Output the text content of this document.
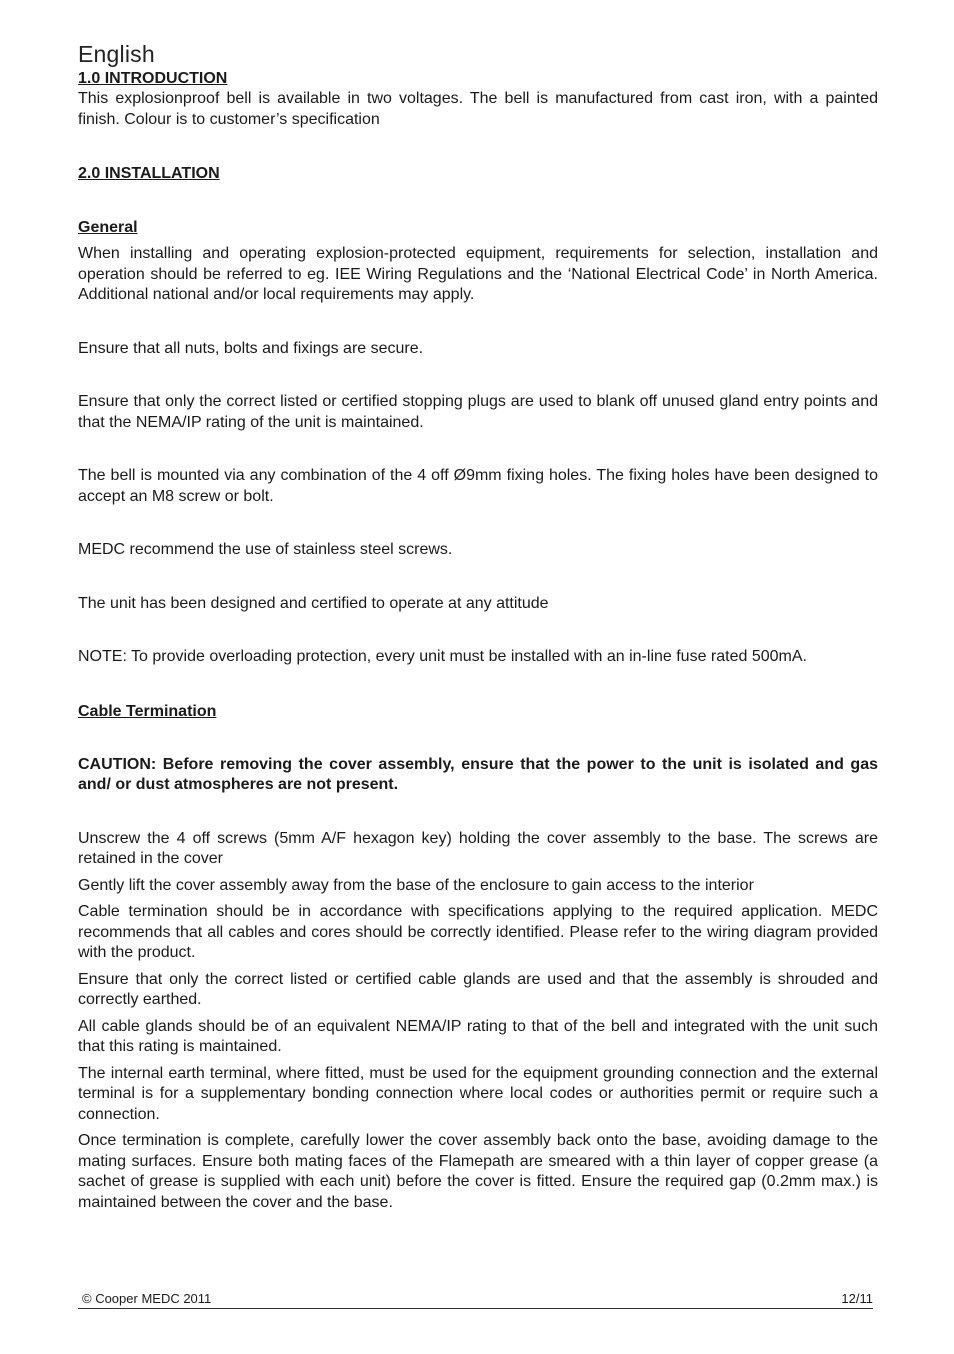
English
1.0 INTRODUCTION

This explosionproof bell is available in two voltages. The bell is manufactured from cast iron, with a painted finish. Colour is to customer’s specification

2.0 INSTALLATION
General

When installing and operating explosion-protected equipment, requirements for selection, installation and operation should be referred to eg. IEE Wiring Regulations and the ‘National Electrical Code’ in North America. Additional national and/or local requirements may apply.

Ensure that all nuts, bolts and fixings are secure.

Ensure that only the correct listed or certified stopping plugs are used to blank off unused gland entry points and that the NEMA/IP rating of the unit is maintained.

The bell is mounted via any combination of the 4 off Ø9mm fixing holes. The fixing holes have been designed to accept an M8 screw or bolt.

MEDC recommend the use of stainless steel screws.

The unit has been designed and certified to operate at any attitude

NOTE: To provide overloading protection, every unit must be installed with an in-line fuse rated 500mA.

Cable Termination

CAUTION: Before removing the cover assembly, ensure that the power to the unit is isolated and gas and/ or dust atmospheres are not present.

Unscrew the 4 off screws (5mm A/F hexagon key) holding the cover assembly to the base. The screws are retained in the cover

Gently lift the cover assembly away from the base of the enclosure to gain access to the interior

Cable termination should be in accordance with specifications applying to the required application. MEDC recommends that all cables and cores should be correctly identified. Please refer to the wiring diagram provided with the product.

Ensure that only the correct listed or certified cable glands are used and that the assembly is shrouded and correctly earthed.

All cable glands should be of an equivalent NEMA/IP rating to that of the bell and integrated with the unit such that this rating is maintained.

The internal earth terminal, where fitted, must be used for the equipment grounding connection and the external terminal is for a supplementary bonding connection where local codes or authorities permit or require such a connection.

Once termination is complete, carefully lower the cover assembly back onto the base, avoiding damage to the mating surfaces. Ensure both mating faces of the Flamepath are smeared with a thin layer of copper grease (a sachet of grease is supplied with each unit) before the cover is fitted. Ensure the required gap (0.2mm max.) is maintained between the cover and the base.

© Cooper MEDC 2011	12/11
